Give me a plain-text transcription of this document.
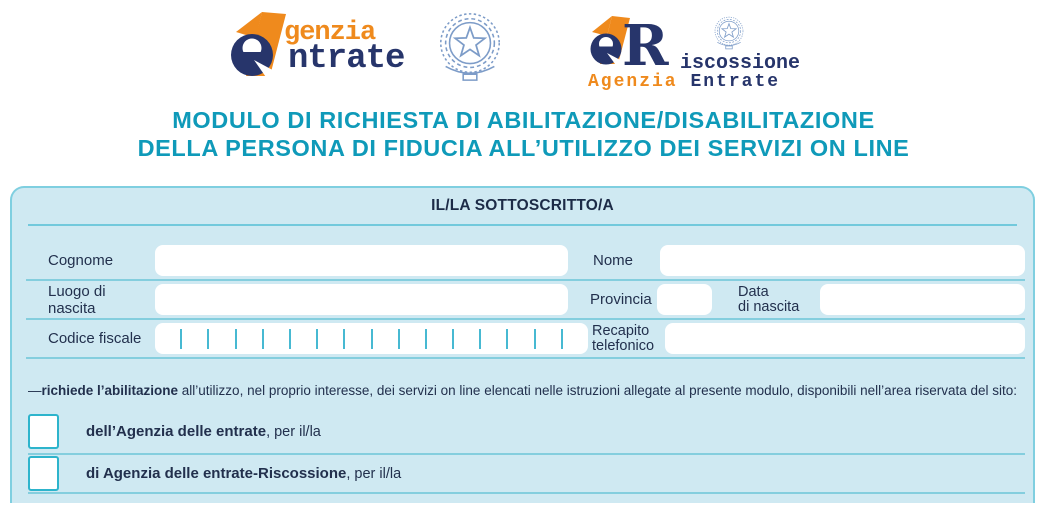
genzia
ntrate	R iscossione
Agenzia Entrate
MODULO DI RICHIESTA DI ABILITAZIONE/DISABILITAZIONE
DELLA PERSONA DI FIDUCIA ALL’UTILIZZO DEI SERVIZI ON LINE
IL/LA SOTTOSCRITTO/A
Cognome	Nome
Luogo di nascita	Provincia	Data
di nascita
Codice fiscale	Recapito
telefonico
—richiede l’abilitazione all’utilizzo, nel proprio interesse, dei servizi on line elencati nelle istruzioni allegate al presente modulo, disponibili nell’area riservata del sito:
dell’Agenzia delle entrate, per il/la
di Agenzia delle entrate-Riscossione, per il/la
